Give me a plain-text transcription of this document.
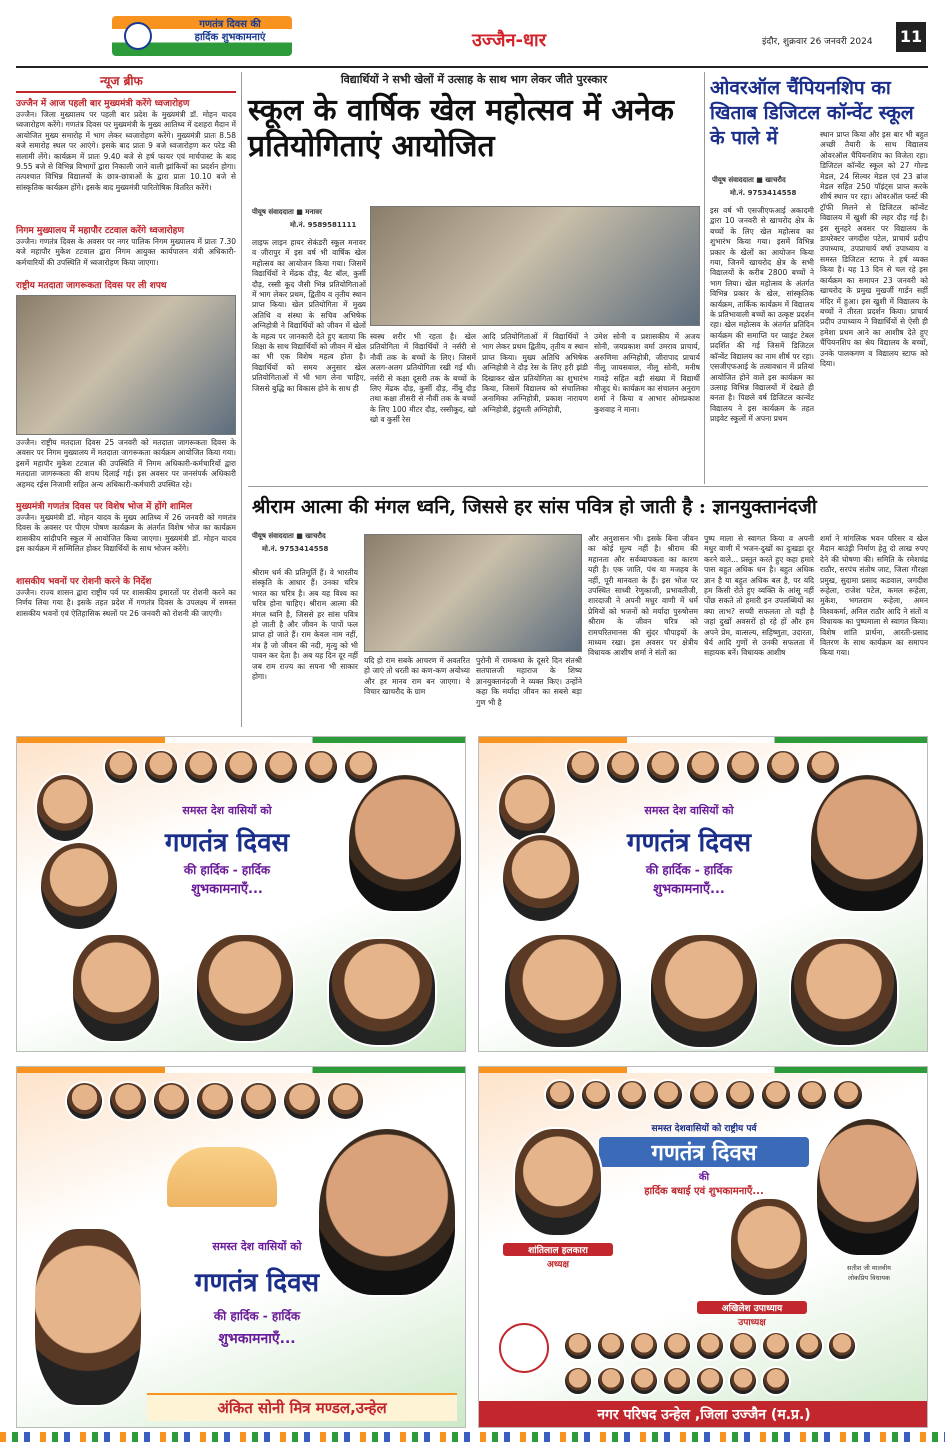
गणतंत्र दिवस की
हार्दिक शुभकामनाएं	उज्जैन-धार	इंदौर, शुक्रवार 26 जनवरी 2024 11
न्यूज ब्रीफ
उज्जैन में आज पहली बार मुख्यमंत्री करेंगे ध्वजारोहण
उज्जैन। जिला मुख्यालय पर पहली बार प्रदेश के मुख्यमंत्री डॉ. मोहन यादव ध्वजारोहण करेंगे। गणतंत्र दिवस पर मुख्यमंत्री के मुख्य आतिथ्य में दशहरा मैदान में आयोजित मुख्य समारोह में भाग लेकर ध्वजारोहण करेंगे। मुख्यमंत्री प्रातः 8.58 बजे समारोह स्थल पर आएंगे। इसके बाद प्रातः 9 बजे ध्वजारोहण कर परेड की सलामी लेंगे। कार्यक्रम में प्रातः 9.40 बजे से हर्ष फायर एवं मार्चपास्ट के बाद 9.55 बजे से विभिन्न विभागों द्वारा निकाली जाने वाली झांकियों का प्रदर्शन होगा। तत्पश्चात विभिन्न विद्यालयों के छात्र-छात्राओं के द्वारा प्रातः 10.10 बजे से सांस्कृतिक कार्यक्रम होंगे। इसके बाद मुख्यमंत्री पारितोषिक वितरित करेंगे।
निगम मुख्यालय में महापौर टटवाल करेंगे ध्वजारोहण
उज्जैन। गणतंत्र दिवस के अवसर पर नगर पालिक निगम मुख्यालय में प्रातः 7.30 बजे महापौर मुकेश टटवाल द्वारा निगम आयुक्त कार्यपालन यंत्री अधिकारी-कर्मचारियों की उपस्थिति में ध्वजारोहण किया जाएगा।
राष्ट्रीय मतदाता जागरूकता दिवस पर ली शपथ
उज्जैन। राष्ट्रीय मतदाता दिवस 25 जनवरी को मतदाता जागरूकता दिवस के अवसर पर निगम मुख्यालय में मतदाता जागरूकता कार्यक्रम आयोजित किया गया। इसमें महापौर मुकेश टटवाल की उपस्थिति में निगम अधिकारी-कर्मचारियों द्वारा मतदाता जागरूकता की शपथ दिलाई गई। इस अवसर पर जनसंपर्क अधिकारी अहमद रईस निजामी सहित अन्य अधिकारी-कर्मचारी उपस्थित रहे।
मुख्यमंत्री गणतंत्र दिवस पर विशेष भोज में होंगे शामिल
उज्जैन। मुख्यमंत्री डॉ. मोहन यादव के मुख्य आतिथ्य में 26 जनवरी को गणतंत्र दिवस के अवसर पर पीएम पोषण कार्यक्रम के अंतर्गत विशेष भोज का कार्यक्रम शासकीय सांदीपनि स्कूल में आयोजित किया जाएगा। मुख्यमंत्री डॉ. मोहन यादव इस कार्यक्रम में सम्मिलित होकर विद्यार्थियों के साथ भोजन करेंगे।
शासकीय भवनों पर रोशनी करने के निर्देश
उज्जैन। राज्य शासन द्वारा राष्ट्रीय पर्व पर शासकीय इमारतों पर रोशनी करने का निर्णय लिया गया है। इसके तहत प्रदेश में गणतंत्र दिवस के उपलक्ष्य में समस्त शासकीय भवनों एवं ऐतिहासिक स्थलों पर 26 जनवरी को रोशनी की जाएगी।
विद्यार्थियों ने सभी खेलों में उत्साह के साथ भाग लेकर जीते पुरस्कार
स्कूल के वार्षिक खेल महोत्सव में अनेक प्रतियोगिताएं आयोजित
पीयूष संवाददाता ■ मनावर
मो.नं. 9589581111
लाइफ लाइन हायर सेकंडरी स्कूल मनावर व जीरापुर में इस वर्ष भी वार्षिक खेल महोत्सव का आयोजन किया गया। जिसमें विद्यार्थियों ने मेंढक दौड़, बैट बॉल, कुर्सी दौड़, रस्सी कूद जैसी भिन्न प्रतियोगिताओं में भाग लेकर प्रथम, द्वितीय व तृतीय स्थान प्राप्त किया। खेल प्रतियोगिता में मुख्य अतिथि व संस्था के सचिव अभिषेक अग्निहोत्री ने विद्यार्थियों को जीवन में खेलों के महत्व पर जानकारी देते हुए बताया कि शिक्षा के साथ विद्यार्थियों को जीवन में खेल का भी एक विशेष महत्व होता है। विद्यार्थियों को समय अनुसार खेल प्रतियोगिताओं में भी भाग लेना चाहिए, जिससे बुद्धि का विकास होने के साथ ही
स्वस्थ शरीर भी रहता है। खेल प्रतियोगिता में विद्यार्थियों ने नर्सरी से नौवीं तक के बच्चों के लिए। जिसमें अलग-अलग प्रतियोगिता रखी गई थी। नर्सरी से कक्षा दूसरी तक के बच्चों के लिए मेंढक दौड़, कुर्सी दौड़, नींबू दौड़ तथा कक्षा तीसरी से नौवीं तक के बच्चों के लिए 100 मीटर दौड़, रस्सीकूद, खो खो व कुर्सी रेस
आदि प्रतियोगिताओं में विद्यार्थियों ने भाग लेकर प्रथम द्वितीय, तृतीय व स्थान प्राप्त किया। मुख्य अतिथि अभिषेक अग्निहोत्री ने दौड़ रेस के लिए हरी झंडी दिखाकर खेल प्रतियोगिता का शुभारंभ किया, जिसमें विद्यालय को संचालिका अनामिका अग्निहोत्री, प्रकाश नारायण अग्निहोत्री, इंदुमती अग्निहोत्री,
उमेश सोनी व प्रशासकीय में अजय सोनी, जयप्रकाश वर्मा उमराव प्राचार्य, अरुणिमा अग्निहोत्री, जीरापाद प्राचार्य नीलू जायसवाल, नीलू सोनी, मनीष गावड़े सहित बड़ी संख्या में विद्यार्थी मौजूद थे। कार्यक्रम का संचालन अनुराग शर्मा ने किया व आभार ओमप्रकाश कुशवाह ने माना।
ओवरऑल चैंपियनशिप का खिताब डिजिटल कॉन्वेंट स्कूल के पाले में
पीयूष संवाददाता ■ खाचरौद
मो.नं. 9753414558
इस वर्ष भी एसजीएफआई अकादमी द्वारा 10 जनवरी से खाचरोद क्षेत्र के बच्चों के लिए खेल महोत्सव का शुभारंभ किया गया। इसमें विभिन्न प्रकार के खेलों का आयोजन किया गया, जिनमें खाचरोद क्षेत्र के सभी विद्यालयों के करीब 2800 बच्चों ने भाग लिया। खेल महोत्सव के अंतर्गत विभिन्न प्रकार के खेल, सांस्कृतिक कार्यक्रम, तार्किक कार्यक्रम में विद्यालय के प्रतिभावाली बच्चों का उत्कृष्ट प्रदर्शन रहा। खेल महोत्सव के अंतर्गत प्रतिदिन कार्यक्रम की समाप्ति पर प्वाइंट टेबल प्रदर्शित की गई जिसमें डिजिटल कॉन्वेंट विद्यालय का नाम शीर्ष पर रहा। एसजीएफआई के तत्वावधान में प्रतियां आयोजित होने वाले इस कार्यक्रम का उत्साह विभिन्न विद्यालयों में देखते ही बनता है। पिछले वर्ष डिजिटल कान्वेंट विद्यालय ने इस कार्यक्रम के तहत प्राइवेट स्कूलों में अपना प्रथम
स्थान प्राप्त किया और इस बार भी बहुत अच्छी तैयारी के साथ विद्यालय ओवरऑल चैंपियनशिप का विजेता रहा। डिजिटल कॉन्वेंट स्कूल को 27 गोल्ड मेडल, 24 सिल्वर मेडल एवं 23 ब्रांज मेडल सहित 250 पॉइंट्स प्राप्त करके शीर्ष स्थान पर रहा। ओवरऑल फर्स्ट की ट्रॉफी मिलने से डिजिटल कॉन्वेंट विद्यालय में खुशी की लहर दौड़ गई है। इस सुनहरे अवसर पर विद्यालय के डायरेक्टर जगदीश पटेल, प्राचार्य प्रदीप उपाध्याय, उपप्राचार्य वर्षा उपाध्याय व समस्त डिजिटल स्टाफ ने हर्ष व्यक्त किया है। यह 13 दिन से चल रहे इस कार्यक्रम का समापन 23 जनवरी को खाचरोद के प्रमुख मुखर्जी गार्डन सहीं मंदिर में हुआ। इस खुशी में विद्यालय के बच्चों ने तीरता प्रदर्शन किया। प्राचार्य प्रदीप उपाध्याय ने विद्यार्थियों से ऐसी ही हमेशा प्रथम आने का आशीष देते हुए चैंपियनशिप का श्रेय विद्यालय के बच्चों, उनके पालकगण व विद्यालय स्टाफ को दिया।
श्रीराम आत्मा की मंगल ध्वनि, जिससे हर सांस पवित्र हो जाती है : ज्ञानयुक्तानंदजी
पीयूष संवाददाता ■ खाचरौद
मो.नं. 9753414558
श्रीराम धर्म की प्रतिमूर्ति हैं। वे भारतीय संस्कृति के आधार हैं। उनका चरित्र भारत का चरित्र है। अब यह विश्व का चरित्र होना चाहिए। श्रीराम आत्मा की मंगल ध्वनि है, जिससे हर सांस पवित्र हो जाती है और जीवन के पापों फल प्राप्त हो जाते हैं। राम केवल नाम नहीं, मंत्र है जो जीवन की नदी, मृत्यु को भी पावन कर देता है। अब यह दिन दूर नहीं जब राम राज्य का सपना भी साकार होगा।
यदि हो राम सबके आचरण में अवतरित हो जाएं तो धरती का कण-कण अयोध्या और हर मानव राम बन जाएगा। ये विचार खाचरौद के ग्राम
पुरोनी में रामकथा के दूसरे दिन संतश्री सतपालजी महाराज के शिष्य ज्ञानयुक्तानंदजी ने व्यक्त किए। उन्होंने कहा कि मर्यादा जीवन का सबसे बड़ा गुण भी है
और अनुशासन भी। इसके बिना जीवन का कोई मूल्य नहीं है। श्रीराम की महानता और सर्वव्यापकता का कारण यही है। एक जाति, पंथ या मजहब के नहीं, पूरी मानवता के हैं। इस भोज पर उपस्थित साध्वी रेणुकाजी, प्रभावतीजी, शारदाजी ने अपनी मधुर वाणी में धर्म प्रेमियों को भजनों को मर्यादा पुरुषोत्तम श्रीराम के जीवन चरित्र को रामचरितमानस की सुंदर चौपाइयों के माध्यम रखा। इस अवसर पर क्षेत्रीय विधायक आशीष शर्मा ने संतों का
पुष्प माला से स्वागत किया व अपनी मधुर वाणी में भजन-दुखों का दुःखड़ा दूर करने वाले... प्रस्तुत करते हुए कहा हमारे पास बहुत अधिक धन है। बहुत अधिक ज्ञान है या बहुत अधिक बल है, पर यदि हम किसी रोते हुए व्यक्ति के आंसू नहीं पोंछ सकते तो हमारी इन उपलब्धियों का क्या लाभ? सच्ची सफलता तो यही है जहां दुखों अवसरों हो रहे हों और हम अपने प्रेम, वात्सल्य, सहिष्णुता, उदारता, धैर्य आदि गुणों से उनकी सफलता में सहायक बनें। विधायक आशीष
शर्मा ने मांगलिक भवन परिसर व खेल मैदान बाउंड्री निर्माण हेतु दो लाख रुपए देने की घोषणा की। समिति के रमेशचंद्र राठौर, सरपंच संतोष जाट, जिला गौरक्षा प्रमुख, सुदामा प्रसाद कडवाल, जगदीश रूहेला, राजेश पटेल, कमल रूहेला, मुकेश, भगतराम रूहेला, अमन विश्वकर्मा, अनिल राठौर आदि ने संतों व विधायक का पुष्पमाला से स्वागत किया। विशेष शांति प्रार्थना, आरती-प्रसाद वितरण के साथ कार्यक्रम का समापन किया गया।
समस्त देश वासियों को
गणतंत्र दिवस
की हार्दिक - हार्दिक
शुभकामनाएँ...
समस्त देश वासियों को
गणतंत्र दिवस
की हार्दिक - हार्दिक
शुभकामनाएँ...
समस्त देश वासियों को
गणतंत्र दिवस
की हार्दिक - हार्दिक
शुभकामनाएँ...
अंकित सोनी मित्र मण्डल,उन्हेल
समस्त देशवासियों को राष्ट्रीय पर्व
गणतंत्र दिवस
की
हार्दिक बधाई एवं शुभकामनाएँ...
शांतिलाल हलकारा
अध्यक्ष
अखिलेश उपाध्याय
उपाध्यक्ष
सतीश जी मालवीय
लोकप्रिय विधायक
नगर परिषद उन्हेल ,जिला उज्जैन (म.प्र.)
